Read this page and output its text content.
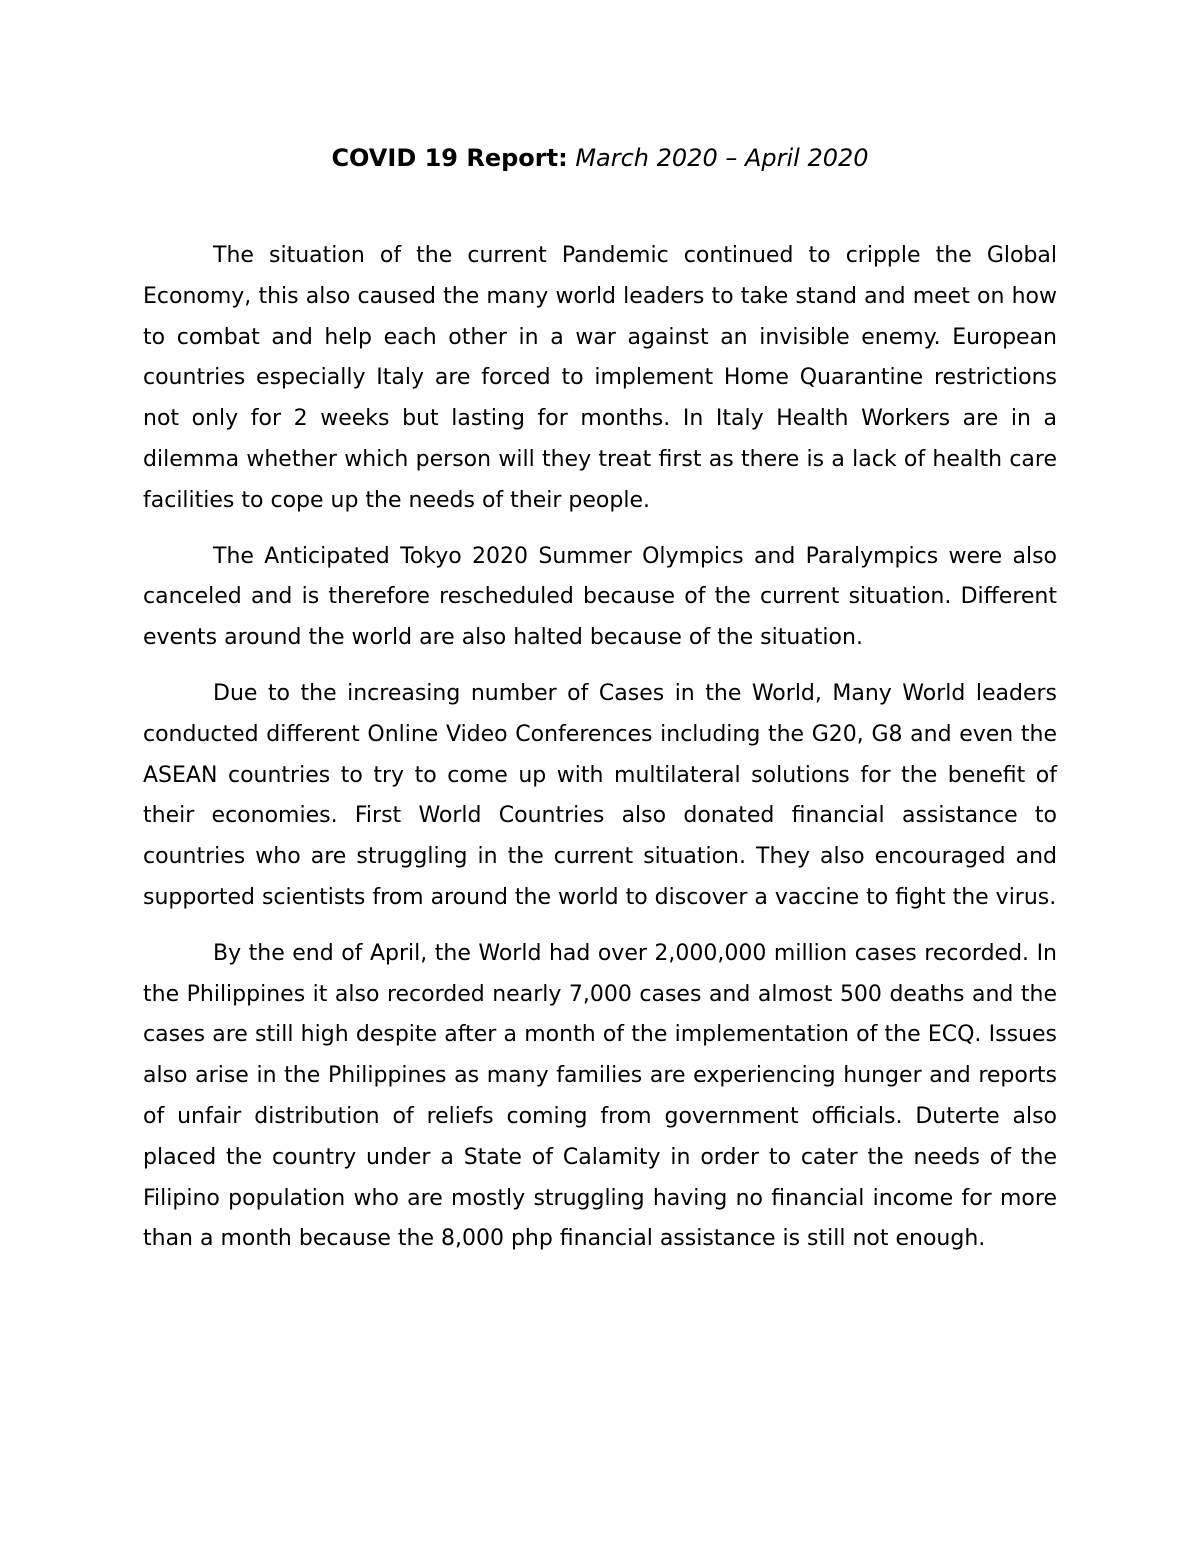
COVID 19 Report: March 2020 – April 2020

The situation of the current Pandemic continued to cripple the Global Economy, this also caused the many world leaders to take stand and meet on how to combat and help each other in a war against an invisible enemy. European countries especially Italy are forced to implement Home Quarantine restrictions not only for 2 weeks but lasting for months. In Italy Health Workers are in a dilemma whether which person will they treat first as there is a lack of health care facilities to cope up the needs of their people.

The Anticipated Tokyo 2020 Summer Olympics and Paralympics were also canceled and is therefore rescheduled because of the current situation. Different events around the world are also halted because of the situation.

Due to the increasing number of Cases in the World, Many World leaders conducted different Online Video Conferences including the G20, G8 and even the ASEAN countries to try to come up with multilateral solutions for the benefit of their economies. First World Countries also donated financial assistance to countries who are struggling in the current situation. They also encouraged and supported scientists from around the world to discover a vaccine to fight the virus.

By the end of April, the World had over 2,000,000 million cases recorded. In the Philippines it also recorded nearly 7,000 cases and almost 500 deaths and the cases are still high despite after a month of the implementation of the ECQ. Issues also arise in the Philippines as many families are experiencing hunger and reports of unfair distribution of reliefs coming from government officials. Duterte also placed the country under a State of Calamity in order to cater the needs of the Filipino population who are mostly struggling having no financial income for more than a month because the 8,000 php financial assistance is still not enough.
